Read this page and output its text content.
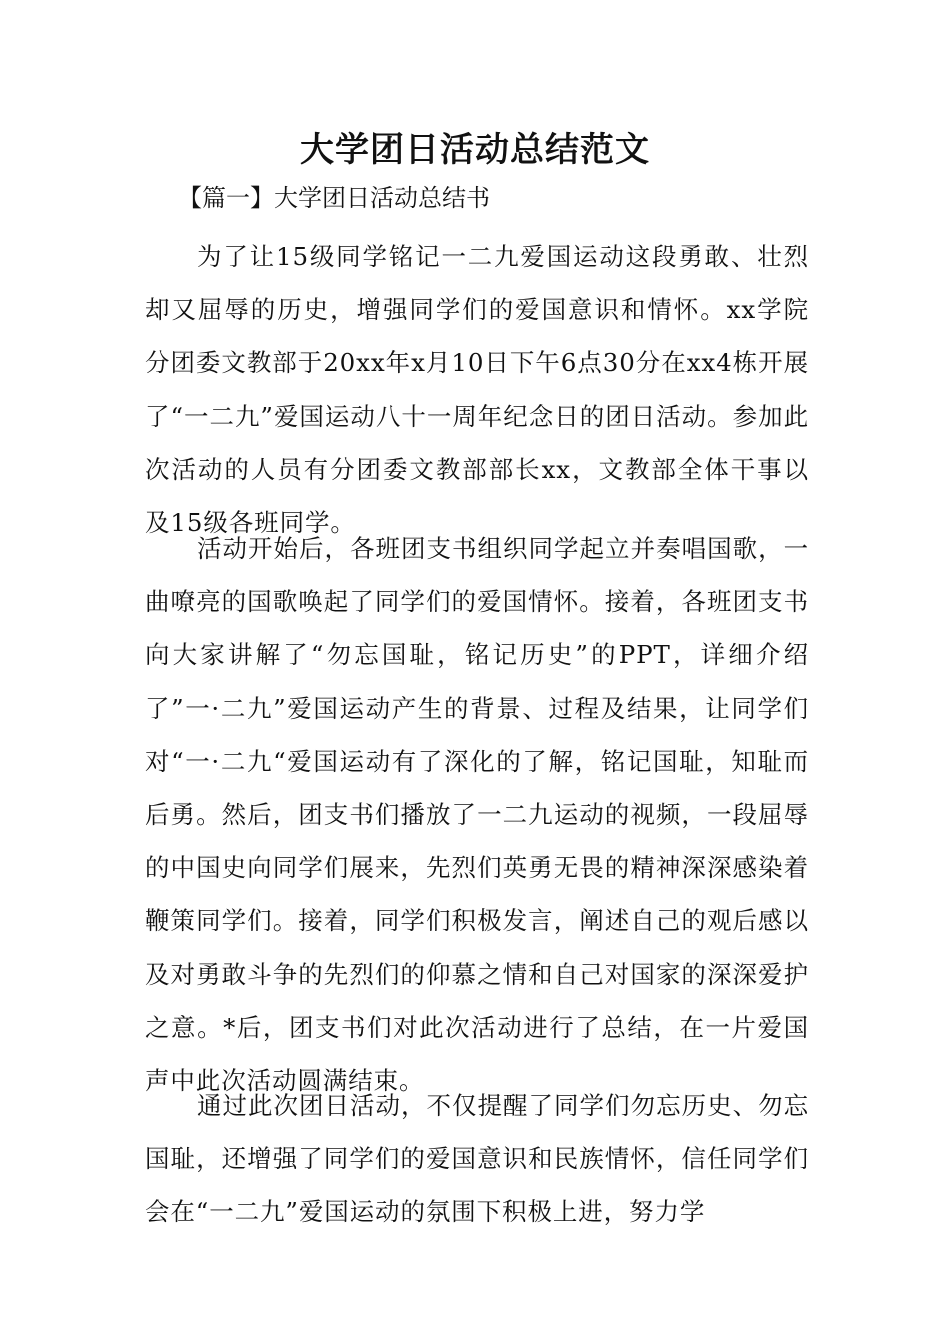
大学团日活动总结范文

【篇一】大学团日活动总结书

为了让15级同学铭记一二九爱国运动这段勇敢、壮烈却又屈辱的历史，增强同学们的爱国意识和情怀。xx学院分团委文教部于20xx年x月10日下午6点30分在xx4栋开展了“一二九”爱国运动八十一周年纪念日的团日活动。参加此次活动的人员有分团委文教部部长xx，文教部全体干事以及15级各班同学。

活动开始后，各班团支书组织同学起立并奏唱国歌，一曲嘹亮的国歌唤起了同学们的爱国情怀。接着，各班团支书向大家讲解了“勿忘国耻，铭记历史”的PPT，详细介绍了”一·二九”爱国运动产生的背景、过程及结果，让同学们对“一·二九“爱国运动有了深化的了解，铭记国耻，知耻而后勇。然后，团支书们播放了一二九运动的视频，一段屈辱的中国史向同学们展来，先烈们英勇无畏的精神深深感染着鞭策同学们。接着，同学们积极发言，阐述自己的观后感以及对勇敢斗争的先烈们的仰慕之情和自己对国家的深深爱护之意。*后，团支书们对此次活动进行了总结，在一片爱国声中此次活动圆满结束。

通过此次团日活动，不仅提醒了同学们勿忘历史、勿忘国耻，还增强了同学们的爱国意识和民族情怀，信任同学们会在“一二九”爱国运动的氛围下积极上进，努力学
